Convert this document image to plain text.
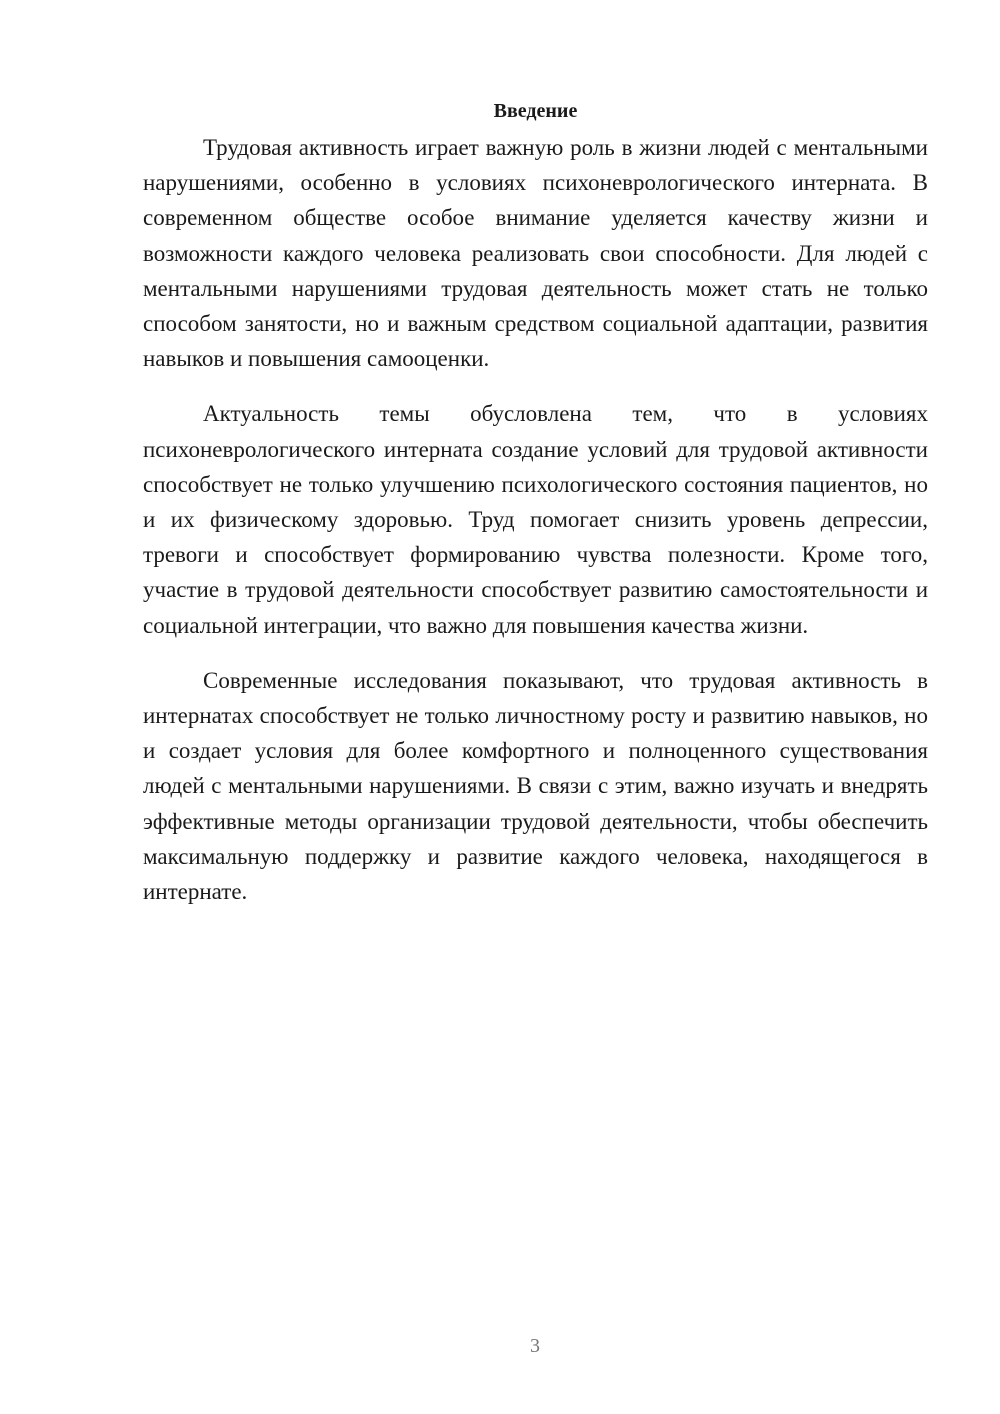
Введение

Трудовая активность играет важную роль в жизни людей с ментальными нарушениями, особенно в условиях психоневрологического интерната. В современном обществе особое внимание уделяется качеству жизни и возможности каждого человека реализовать свои способности. Для людей с ментальными нарушениями трудовая деятельность может стать не только способом занятости, но и важным средством социальной адаптации, развития навыков и повышения самооценки.

Актуальность темы обусловлена тем, что в условиях психоневрологического интерната создание условий для трудовой активности способствует не только улучшению психологического состояния пациентов, но и их физическому здоровью. Труд помогает снизить уровень депрессии, тревоги и способствует формированию чувства полезности. Кроме того, участие в трудовой деятельности способствует развитию самостоятельности и социальной интеграции, что важно для повышения качества жизни.

Современные исследования показывают, что трудовая активность в интернатах способствует не только личностному росту и развитию навыков, но и создает условия для более комфортного и полноценного существования людей с ментальными нарушениями. В связи с этим, важно изучать и внедрять эффективные методы организации трудовой деятельности, чтобы обеспечить максимальную поддержку и развитие каждого человека, находящегося в интернате.

3
